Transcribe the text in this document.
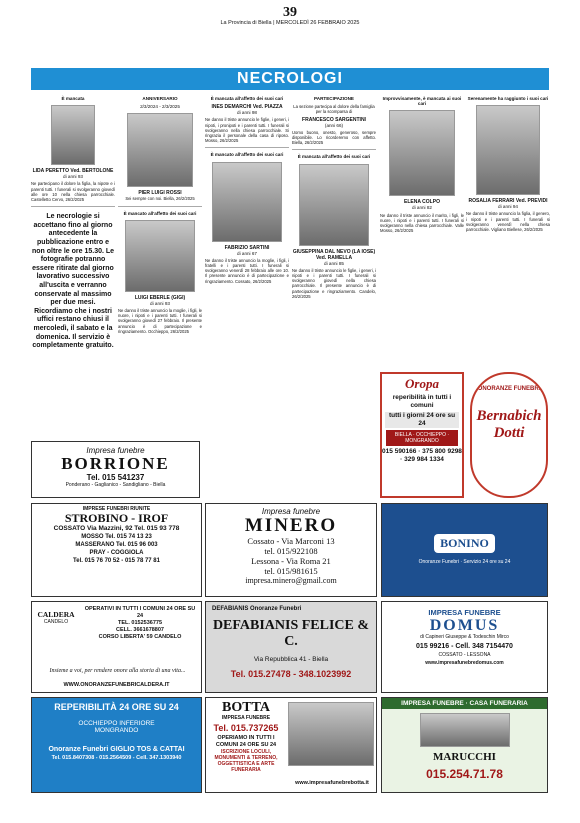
39
La Provincia di Biella | MERCOLEDÌ 26 FEBBRAIO 2025
NECROLOGI
È mancata
LIDA PERETTO Ved. BERTOLONE
di anni 93

Ne partecipano il dolore la figlia, la nipote e i parenti tutti. I funerali si svolgeranno giovedì alle ore 10 nella chiesa parrocchiale. Castelletto Cervo, 26/2/2025

Le necrologie si accettano fino al giorno antecedente la pubblicazione entro e non oltre le ore 15.30. Le fotografie potranno essere ritirate dal giorno lavorativo successivo all'uscita e verranno conservate al massimo per due mesi. Ricordiamo che i nostri uffici restano chiusi il mercoledì, il sabato e la domenica. Il servizio è completamente gratuito.
ANNIVERSARIO
2/3/2024 - 2/3/2025
PIER LUIGI ROSSI

Sei sempre con noi. Biella, 26/2/2025

È mancato all'affetto dei suoi cari
LUIGI EBERLE (GIGI)
di anni 93

Ne danno il triste annuncio la moglie, i figli, le nuore, i nipoti e i parenti tutti. I funerali si svolgeranno giovedì 27 febbraio. Il presente annuncio è di partecipazione e ringraziamento. Occhieppo, 26/2/2025

È mancata all'affetto dei suoi cari
INES DEMARCHI Ved. PIAZZA
di anni 98

Ne danno il triste annuncio le figlie, i generi, i nipoti, i pronipoti e i parenti tutti. I funerali si svolgeranno nella chiesa parrocchiale. Si ringrazia il personale della casa di riposo. Mosso, 26/2/2025

È mancato all'affetto dei suoi cari
FABRIZIO SARTINI
di anni 67

Ne danno il triste annuncio la moglie, i figli, i fratelli e i parenti tutti. I funerali si svolgeranno venerdì 28 febbraio alle ore 10. Il presente annuncio è di partecipazione e ringraziamento. Cossato, 26/2/2025

PARTECIPAZIONE

La sezione partecipa al dolore della famiglia per la scomparsa di

FRANCESCO SARGENTINI
(anni 66)

Uomo buono, onesto, generoso, sempre disponibile. Lo ricorderemo con affetto. Biella, 26/2/2025

È mancata all'affetto dei suoi cari
GIUSEPPINA DAL NEVO (LA IOSE) Ved. RAMELLA
di anni 85

Ne danno il triste annuncio le figlie, i generi, i nipoti e i parenti tutti. I funerali si svolgeranno giovedì nella chiesa parrocchiale. Il presente annuncio è di partecipazione e ringraziamento. Candelo, 26/2/2025

Improvvisamente, è mancata ai suoi cari
ELENA COLPO
di anni 82

Ne danno il triste annuncio il marito, i figli, le nuore, i nipoti e i parenti tutti. I funerali si svolgeranno nella chiesa parrocchiale. Valle Mosso, 26/2/2025

Serenamente ha raggiunto i suoi cari
ROSALIA FERRARI Ved. PREVIDI
di anni 94

Ne danno il triste annuncio la figlia, il genero, i nipoti e i parenti tutti. I funerali si svolgeranno venerdì nella chiesa parrocchiale. Vigliano Biellese, 26/2/2025

Oropa
reperibilità in tutti i comuni
tutti i giorni 24 ore su 24
BIELLA · OCCHIEPPO · MONGRANDO
015 590166 · 375 800 9298 · 329 984 1334
ONORANZE FUNEBRI
Bernabich Dotti
Impresa funebre
BORRIONE
Tel. 015 541237
Ponderano - Gaglianico - Sandigliano - Biella
IMPRESE FUNEBRI RIUNITE
STROBINO - IROF
COSSATO Via Mazzini, 92 Tel. 015 93 778
MOSSO Tel. 015 74 13 23
MASSERANO Tel. 015 96 003
PRAY - COGGIOLA
Tel. 015 76 70 52 - 015 78 77 81
Impresa funebre
MINERO
Cossato - Via Marconi 13
tel. 015/922108
Lessona - Via Roma 21
tel. 015/981615
impresa.minero@gmail.com
BONINO
Onoranze Funebri · Servizio 24 ore su 24
CALDERA
CANDELO
OPERATIVI IN TUTTI I COMUNI 24 ORE SU 24
TEL. 0152536775
CELL. 3661678807
CORSO LIBERTA' 59 CANDELO
Insieme a voi, per rendere onore alla storia di una vita...
WWW.ONORANZEFUNEBRICALDERA.IT
DEFABIANIS Onoranze Funebri
DEFABIANIS FELICE & C.
Via Repubblica 41 - Biella
Tel. 015.27478 - 348.1023992
IMPRESA FUNEBRE
DOMUS
di Capineri Giuseppe & Todeschin Mirco
015 99216 - Cell. 348 7154470
COSSATO - LESSONA
www.impresafunebredomus.com
REPERIBILITÀ 24 ORE SU 24
OCCHIEPPO INFERIORE
MONGRANDO
Onoranze Funebri GIGLIO TOS & CATTAI
Tel. 015.8407308 - 015.2564509 - Cell. 347.1303940
BOTTA
IMPRESA FUNEBRE
Tel. 015.737265
OPERIAMO IN TUTTI I COMUNI 24 ORE SU 24
ISCRIZIONE LOCULI, MONUMENTI & TERRENO, OGGETTISTICA E ARTE FUNERARIA
www.impresafunebrebotta.it
IMPRESA FUNEBRE · CASA FUNERARIA
MARUCCHI
015.254.71.78
